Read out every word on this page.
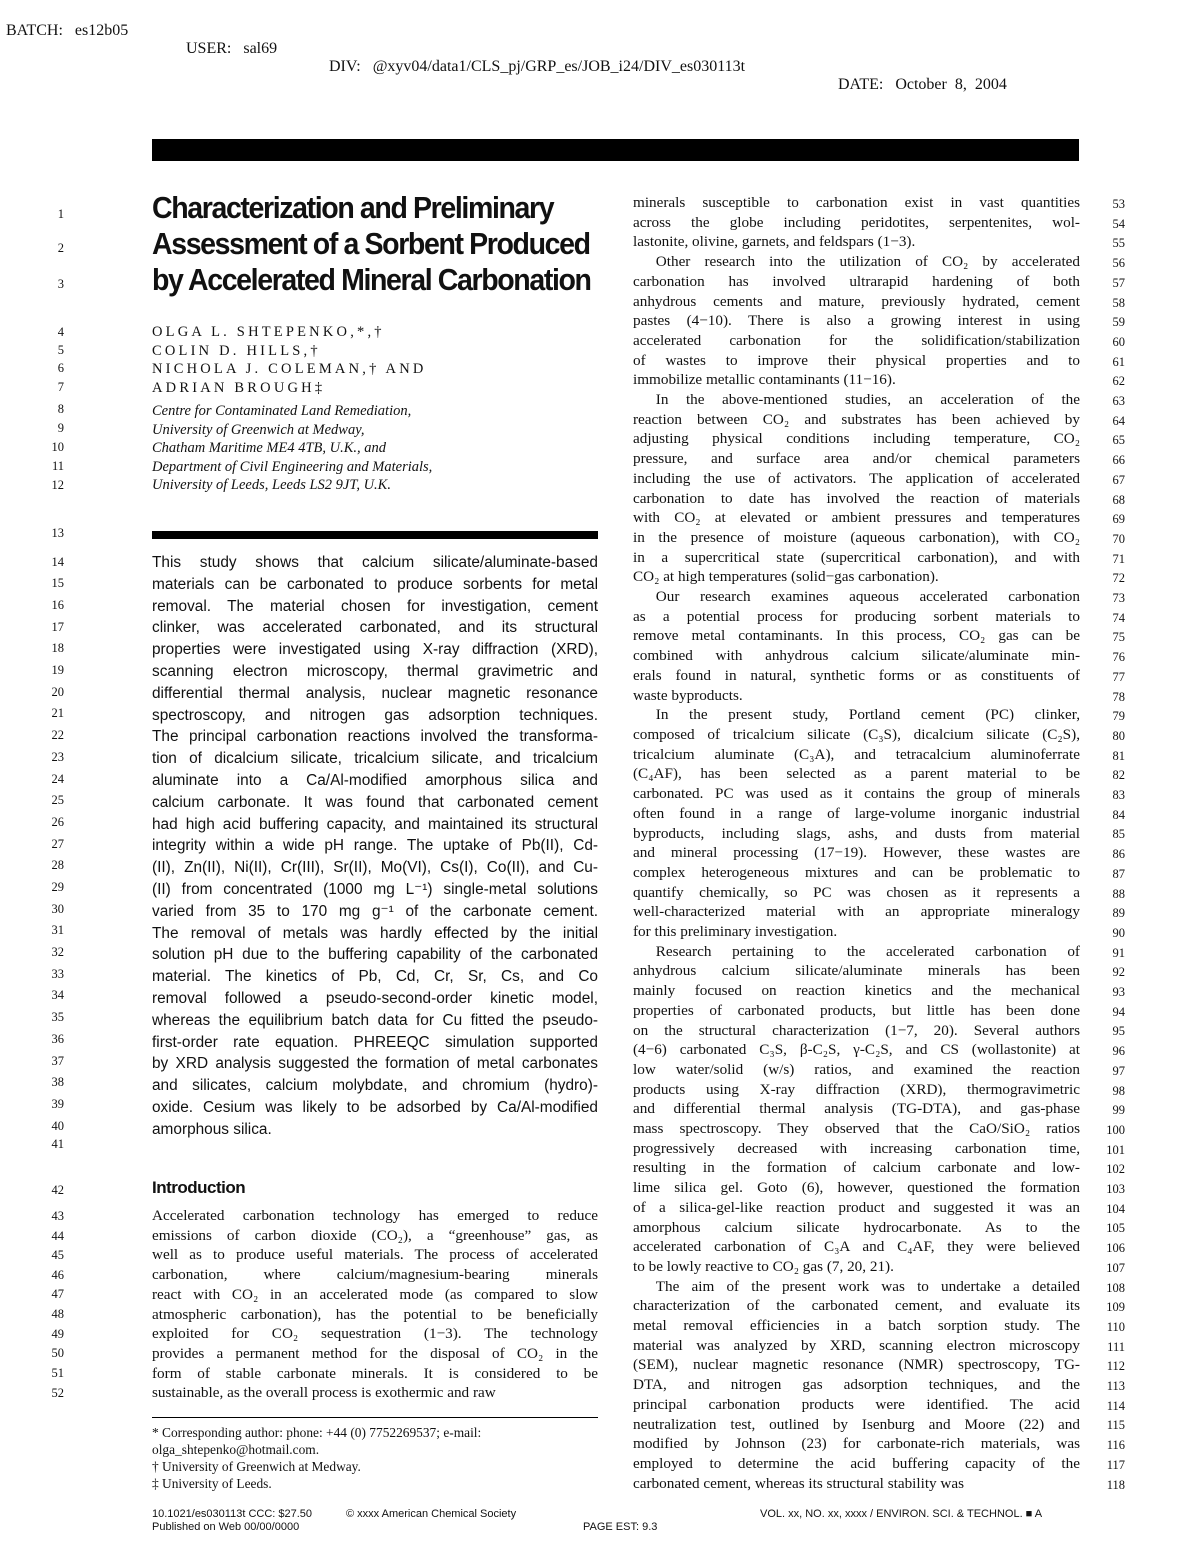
BATCH:   es12b05

USER:   sal69

DIV:   @xyv04/data1/CLS_pj/GRP_es/JOB_i24/DIV_es030113t

DATE:   October  8,  2004

1
2
3
4
5
6
7
8
9
10
11
12
13
14
15
16
17
18
19
20
21
22
23
24
25
26
27
28
29
30
31
32
33
34
35
36
37
38
39
40
41
42
43
44
45
46
47
48
49
50
51
52
53
54
55
56
57
58
59
60
61
62
63
64
65
66
67
68
69
70
71
72
73
74
75
76
77
78
79
80
81
82
83
84
85
86
87
88
89
90
91
92
93
94
95
96
97
98
99
100
101
102
103
104
105
106
107
108
109
110
111
112
113
114
115
116
117
118
Characterization and Preliminary
Assessment of a Sorbent Produced
by Accelerated Mineral Carbonation
OLGA L. SHTEPENKO,*,†
COLIN D. HILLS,†
NICHOLA J. COLEMAN,† AND
ADRIAN BROUGH‡
Centre for Contaminated Land Remediation,
University of Greenwich at Medway,
Chatham Maritime ME4 4TB, U.K., and
Department of Civil Engineering and Materials,
University of Leeds, Leeds LS2 9JT, U.K.
This study shows that calcium silicate/aluminate-based
materials can be carbonated to produce sorbents for metal
removal. The material chosen for investigation, cement
clinker, was accelerated carbonated, and its structural
properties were investigated using X-ray diffraction (XRD),
scanning electron microscopy, thermal gravimetric and
differential thermal analysis, nuclear magnetic resonance
spectroscopy, and nitrogen gas adsorption techniques.
The principal carbonation reactions involved the transforma-
tion of dicalcium silicate, tricalcium silicate, and tricalcium
aluminate into a Ca/Al-modified amorphous silica and
calcium carbonate. It was found that carbonated cement
had high acid buffering capacity, and maintained its structural
integrity within a wide pH range. The uptake of Pb(II), Cd-
(II), Zn(II), Ni(II), Cr(III), Sr(II), Mo(VI), Cs(I), Co(II), and Cu-
(II) from concentrated (1000 mg L⁻¹) single-metal solutions
varied from 35 to 170 mg g⁻¹ of the carbonate cement.
The removal of metals was hardly effected by the initial
solution pH due to the buffering capability of the carbonated
material. The kinetics of Pb, Cd, Cr, Sr, Cs, and Co
removal followed a pseudo-second-order kinetic model,
whereas the equilibrium batch data for Cu fitted the pseudo-
first-order rate equation. PHREEQC simulation supported
by XRD analysis suggested the formation of metal carbonates
and silicates, calcium molybdate, and chromium (hydro)-
oxide. Cesium was likely to be adsorbed by Ca/Al-modified
amorphous silica.
Introduction
Accelerated carbonation technology has emerged to reduce
emissions of carbon dioxide (CO₂), a “greenhouse” gas, as
well as to produce useful materials. The process of accelerated
carbonation, where calcium/magnesium-bearing minerals
react with CO₂ in an accelerated mode (as compared to slow
atmospheric carbonation), has the potential to be beneficially
exploited for CO₂ sequestration (1−3). The technology
provides a permanent method for the disposal of CO₂ in the
form of stable carbonate minerals. It is considered to be
sustainable, as the overall process is exothermic and raw
minerals susceptible to carbonation exist in vast quantities
across the globe including peridotites, serpentenites, wol-
lastonite, olivine, garnets, and feldspars (1−3).
  Other research into the utilization of CO₂ by accelerated
carbonation has involved ultrarapid hardening of both
anhydrous cements and mature, previously hydrated, cement
pastes (4−10). There is also a growing interest in using
accelerated carbonation for the solidification/stabilization
of wastes to improve their physical properties and to
immobilize metallic contaminants (11−16).
  In the above-mentioned studies, an acceleration of the
reaction between CO₂ and substrates has been achieved by
adjusting physical conditions including temperature, CO₂
pressure, and surface area and/or chemical parameters
including the use of activators. The application of accelerated
carbonation to date has involved the reaction of materials
with CO₂ at elevated or ambient pressures and temperatures
in the presence of moisture (aqueous carbonation), with CO₂
in a supercritical state (supercritical carbonation), and with
CO₂ at high temperatures (solid−gas carbonation).
  Our research examines aqueous accelerated carbonation
as a potential process for producing sorbent materials to
remove metal contaminants. In this process, CO₂ gas can be
combined with anhydrous calcium silicate/aluminate min-
erals found in natural, synthetic forms or as constituents of
waste byproducts.
  In the present study, Portland cement (PC) clinker,
composed of tricalcium silicate (C₃S), dicalcium silicate (C₂S),
tricalcium aluminate (C₃A), and tetracalcium aluminoferrate
(C₄AF), has been selected as a parent material to be
carbonated. PC was used as it contains the group of minerals
often found in a range of large-volume inorganic industrial
byproducts, including slags, ashs, and dusts from material
and mineral processing (17−19). However, these wastes are
complex heterogeneous mixtures and can be problematic to
quantify chemically, so PC was chosen as it represents a
well-characterized material with an appropriate mineralogy
for this preliminary investigation.
  Research pertaining to the accelerated carbonation of
anhydrous calcium silicate/aluminate minerals has been
mainly focused on reaction kinetics and the mechanical
properties of carbonated products, but little has been done
on the structural characterization (1−7, 20). Several authors
(4−6) carbonated C₃S, β-C₂S, γ-C₂S, and CS (wollastonite) at
low water/solid (w/s) ratios, and examined the reaction
products using X-ray diffraction (XRD), thermogravimetric
and differential thermal analysis (TG-DTA), and gas-phase
mass spectroscopy. They observed that the CaO/SiO₂ ratios
progressively decreased with increasing carbonation time,
resulting in the formation of calcium carbonate and low-
lime silica gel. Goto (6), however, questioned the formation
of a silica-gel-like reaction product and suggested it was an
amorphous calcium silicate hydrocarbonate. As to the
accelerated carbonation of C₃A and C₄AF, they were believed
to be lowly reactive to CO₂ gas (7, 20, 21).
  The aim of the present work was to undertake a detailed
characterization of the carbonated cement, and evaluate its
metal removal efficiencies in a batch sorption study. The
material was analyzed by XRD, scanning electron microscopy
(SEM), nuclear magnetic resonance (NMR) spectroscopy, TG-
DTA, and nitrogen gas adsorption techniques, and the
principal carbonation products were identified. The acid
neutralization test, outlined by Isenburg and Moore (22) and
modified by Johnson (23) for carbonate-rich materials, was
employed to determine the acid buffering capacity of the
carbonated cement, whereas its structural stability was
* Corresponding author: phone: +44 (0) 7752269537; e-mail:
olga_shtepenko@hotmail.com.
† University of Greenwich at Medway.
‡ University of Leeds.
10.1021/es030113t CCC: $27.50
Published on Web 00/00/0000
© xxxx American Chemical Society
PAGE EST: 9.3
VOL. xx, NO. xx, xxxx / ENVIRON. SCI. & TECHNOL. ■ A
